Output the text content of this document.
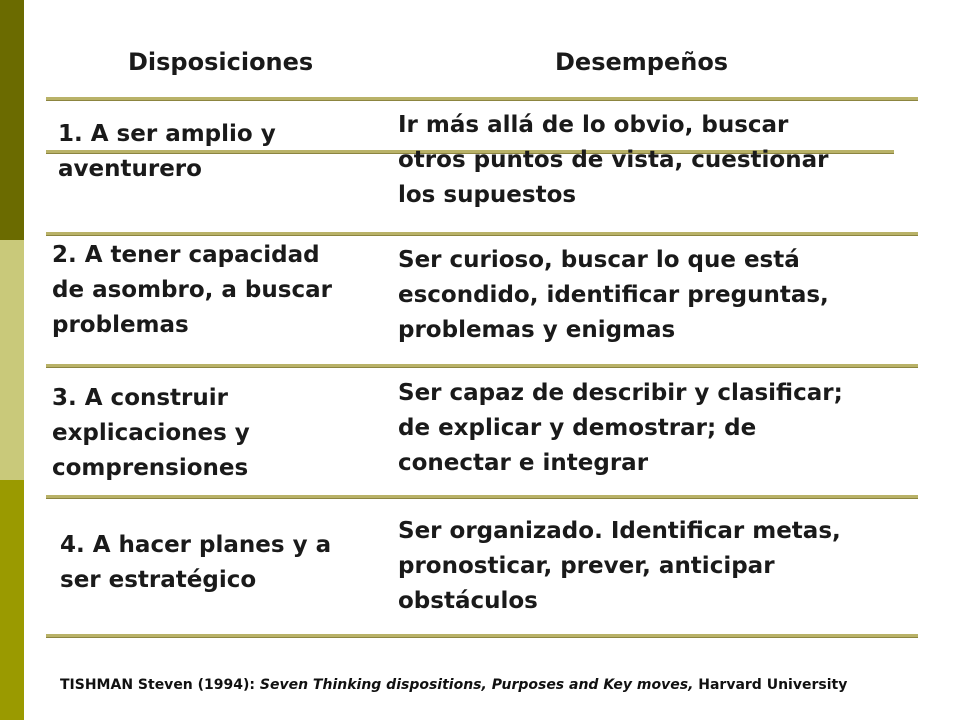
Disposiciones	Desempeños
1. A ser amplio y
aventurero
Ir más allá de lo obvio, buscar
otros puntos de vista, cuestionar
los supuestos
2. A tener capacidad
de asombro, a buscar
problemas
Ser curioso, buscar lo que está
escondido, identificar preguntas,
problemas y enigmas
3. A construir
explicaciones y
comprensiones
Ser capaz de describir y clasificar;
de explicar y demostrar; de
conectar e integrar
4. A hacer planes y a
ser estratégico
Ser organizado. Identificar metas,
pronosticar, prever, anticipar
obstáculos
TISHMAN Steven (1994): Seven Thinking dispositions, Purposes and Key moves, Harvard University
